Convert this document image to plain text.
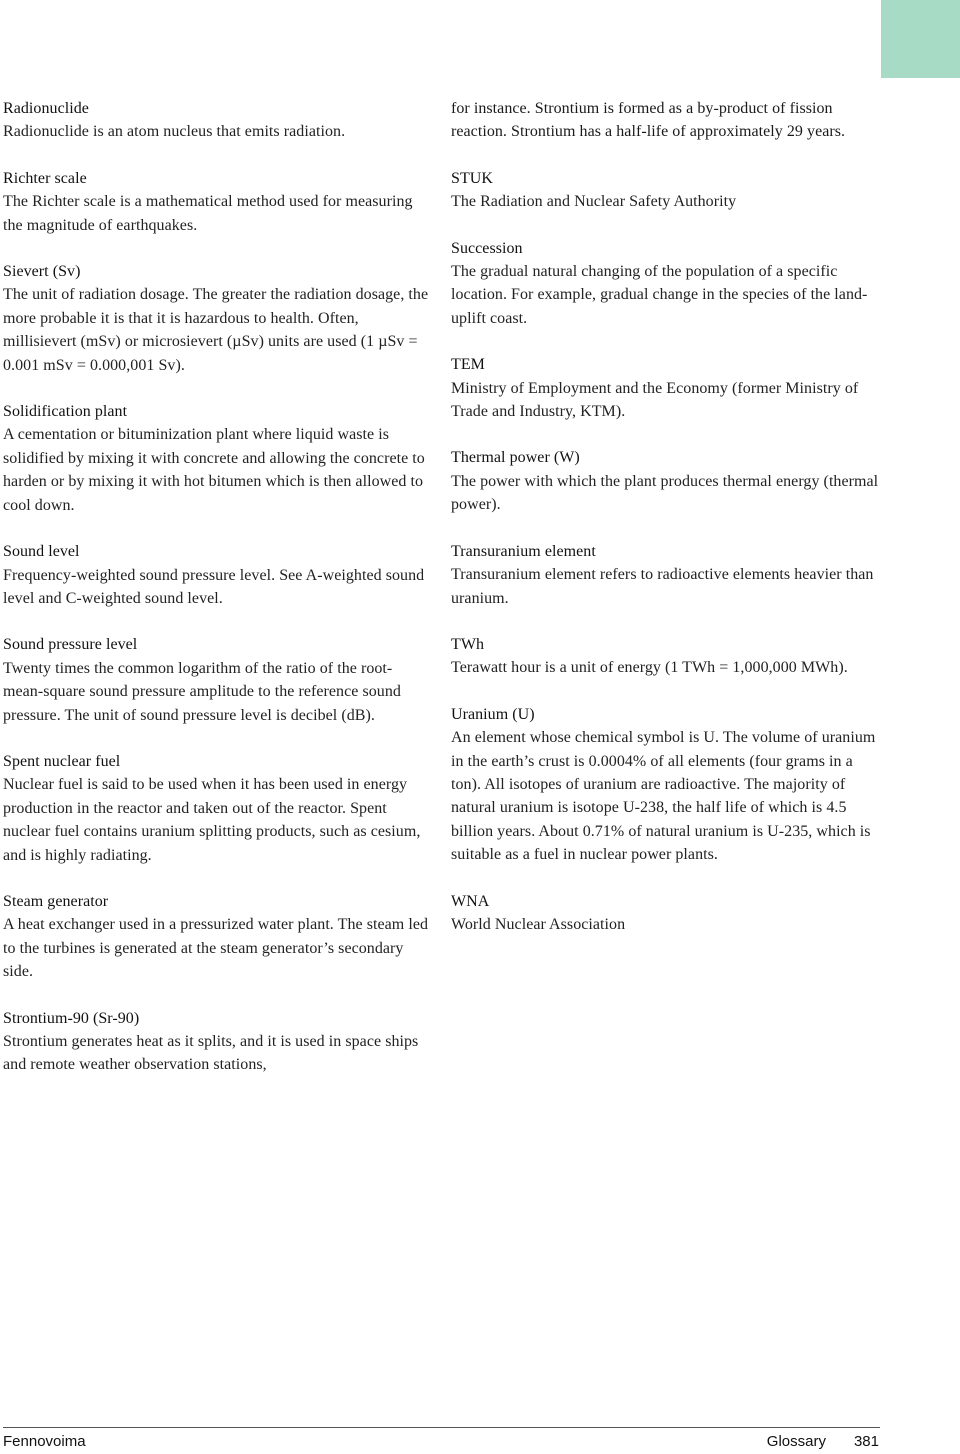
Radionuclide

Radionuclide is an atom nucleus that emits radiation.

Richter scale

The Richter scale is a mathematical method used for measuring the magnitude of earthquakes.

Sievert (Sv)

The unit of radiation dosage. The greater the radiation dosage, the more probable it is that it is hazardous to health. Often, millisievert (mSv) or microsievert (µSv) units are used (1 µSv = 0.001 mSv = 0.000,001 Sv).

Solidification plant

A cementation or bituminization plant where liquid waste is solidified by mixing it with concrete and allowing the concrete to harden or by mixing it with hot bitumen which is then allowed to cool down.

Sound level

Frequency-weighted sound pressure level. See A-weighted sound level and C-weighted sound level.

Sound pressure level

Twenty times the common logarithm of the ratio of the root-mean-square sound pressure amplitude to the reference sound pressure. The unit of sound pressure level is decibel (dB).

Spent nuclear fuel

Nuclear fuel is said to be used when it has been used in energy production in the reactor and taken out of the reactor. Spent nuclear fuel contains uranium splitting products, such as cesium, and is highly radiating.

Steam generator

A heat exchanger used in a pressurized water plant. The steam led to the turbines is generated at the steam generator’s secondary side.

Strontium-90 (Sr-90)

Strontium generates heat as it splits, and it is used in space ships and remote weather observation stations,

for instance. Strontium is formed as a by-product of fission reaction. Strontium has a half-life of approximately 29 years.

STUK

The Radiation and Nuclear Safety Authority

Succession

The gradual natural changing of the population of a specific location. For example, gradual change in the species of the land-uplift coast.

TEM

Ministry of Employment and the Economy (former Ministry of Trade and Industry, KTM).

Thermal power (W)

The power with which the plant produces thermal energy (thermal power).

Transuranium element

Transuranium element refers to radioactive elements heavier than uranium.

TWh

Terawatt hour is a unit of energy (1 TWh = 1,000,000 MWh).

Uranium (U)

An element whose chemical symbol is U. The volume of uranium in the earth’s crust is 0.0004% of all elements (four grams in a ton). All isotopes of uranium are radioactive. The majority of natural uranium is isotope U-238, the half life of which is 4.5 billion years. About 0.71% of natural uranium is U-235, which is suitable as a fuel in nuclear power plants.

WNA

World Nuclear Association

Fennovoima	Glossary 381
